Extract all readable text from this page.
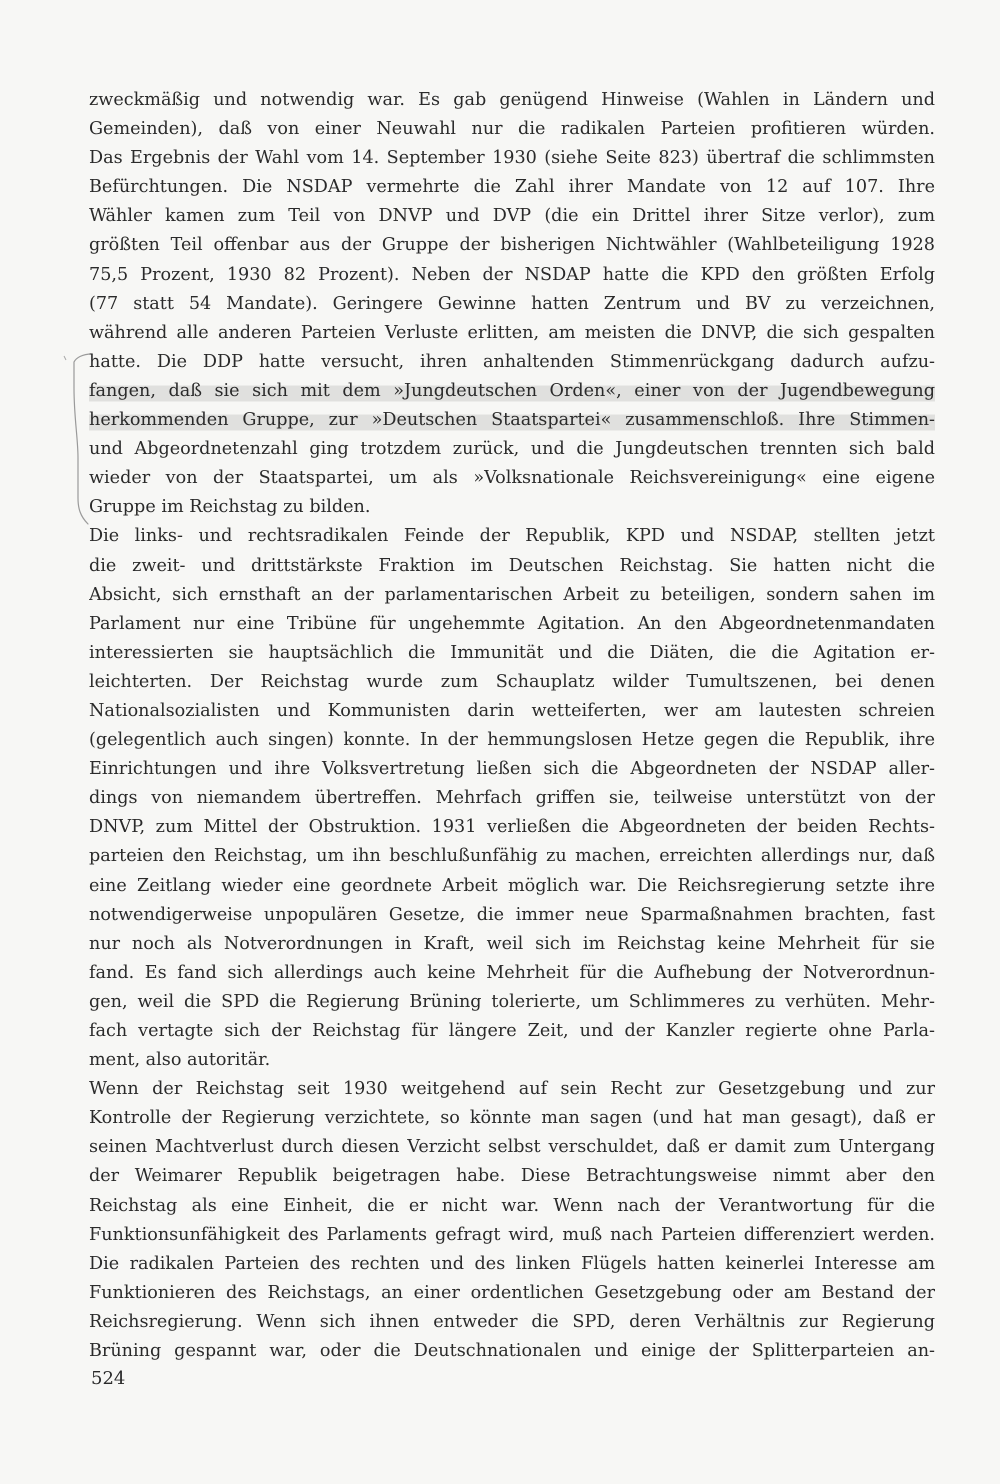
zweckmäßig und notwendig war. Es gab genügend Hinweise (Wahlen in Ländern und
Gemeinden), daß von einer Neuwahl nur die radikalen Parteien profitieren würden.
Das Ergebnis der Wahl vom 14. September 1930 (siehe Seite 823) übertraf die schlimmsten
Befürchtungen. Die NSDAP vermehrte die Zahl ihrer Mandate von 12 auf 107. Ihre
Wähler kamen zum Teil von DNVP und DVP (die ein Drittel ihrer Sitze verlor), zum
größten Teil offenbar aus der Gruppe der bisherigen Nichtwähler (Wahlbeteiligung 1928
75,5 Prozent, 1930 82 Prozent). Neben der NSDAP hatte die KPD den größten Erfolg
(77 statt 54 Mandate). Geringere Gewinne hatten Zentrum und BV zu verzeichnen,
während alle anderen Parteien Verluste erlitten, am meisten die DNVP, die sich gespalten
hatte. Die DDP hatte versucht, ihren anhaltenden Stimmenrückgang dadurch aufzu-
fangen, daß sie sich mit dem »Jungdeutschen Orden«, einer von der Jugendbewegung
herkommenden Gruppe, zur »Deutschen Staatspartei« zusammenschloß. Ihre Stimmen-
und Abgeordnetenzahl ging trotzdem zurück, und die Jungdeutschen trennten sich bald
wieder von der Staatspartei, um als »Volksnationale Reichsvereinigung« eine eigene
Gruppe im Reichstag zu bilden.
Die links- und rechtsradikalen Feinde der Republik, KPD und NSDAP, stellten jetzt
die zweit- und drittstärkste Fraktion im Deutschen Reichstag. Sie hatten nicht die
Absicht, sich ernsthaft an der parlamentarischen Arbeit zu beteiligen, sondern sahen im
Parlament nur eine Tribüne für ungehemmte Agitation. An den Abgeordnetenmandaten
interessierten sie hauptsächlich die Immunität und die Diäten, die die Agitation er-
leichterten. Der Reichstag wurde zum Schauplatz wilder Tumultszenen, bei denen
Nationalsozialisten und Kommunisten darin wetteiferten, wer am lautesten schreien
(gelegentlich auch singen) konnte. In der hemmungslosen Hetze gegen die Republik, ihre
Einrichtungen und ihre Volksvertretung ließen sich die Abgeordneten der NSDAP aller-
dings von niemandem übertreffen. Mehrfach griffen sie, teilweise unterstützt von der
DNVP, zum Mittel der Obstruktion. 1931 verließen die Abgeordneten der beiden Rechts-
parteien den Reichstag, um ihn beschlußunfähig zu machen, erreichten allerdings nur, daß
eine Zeitlang wieder eine geordnete Arbeit möglich war. Die Reichsregierung setzte ihre
notwendigerweise unpopulären Gesetze, die immer neue Sparmaßnahmen brachten, fast
nur noch als Notverordnungen in Kraft, weil sich im Reichstag keine Mehrheit für sie
fand. Es fand sich allerdings auch keine Mehrheit für die Aufhebung der Notverordnun-
gen, weil die SPD die Regierung Brüning tolerierte, um Schlimmeres zu verhüten. Mehr-
fach vertagte sich der Reichstag für längere Zeit, und der Kanzler regierte ohne Parla-
ment, also autoritär.
Wenn der Reichstag seit 1930 weitgehend auf sein Recht zur Gesetzgebung und zur
Kontrolle der Regierung verzichtete, so könnte man sagen (und hat man gesagt), daß er
seinen Machtverlust durch diesen Verzicht selbst verschuldet, daß er damit zum Untergang
der Weimarer Republik beigetragen habe. Diese Betrachtungsweise nimmt aber den
Reichstag als eine Einheit, die er nicht war. Wenn nach der Verantwortung für die
Funktionsunfähigkeit des Parlaments gefragt wird, muß nach Parteien differenziert werden.
Die radikalen Parteien des rechten und des linken Flügels hatten keinerlei Interesse am
Funktionieren des Reichstags, an einer ordentlichen Gesetzgebung oder am Bestand der
Reichsregierung. Wenn sich ihnen entweder die SPD, deren Verhältnis zur Regierung
Brüning gespannt war, oder die Deutschnationalen und einige der Splitterparteien an-
524
